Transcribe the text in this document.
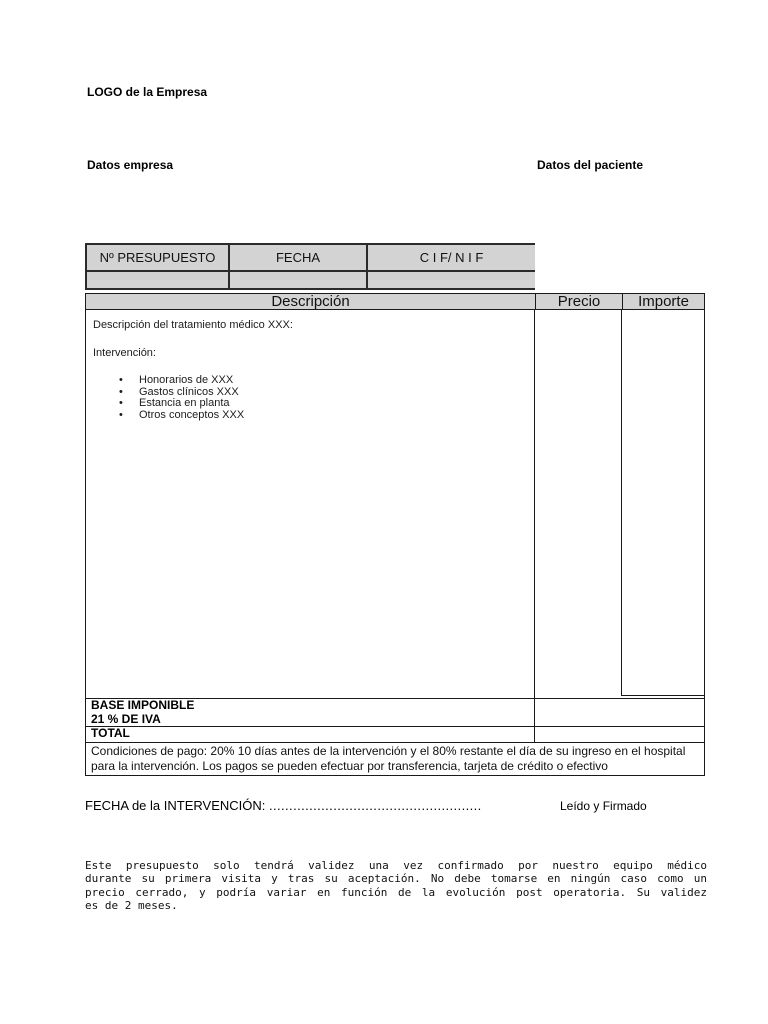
LOGO de la Empresa
Datos empresa	Datos del paciente
Nº PRESUPUESTO	FECHA	C I F/ N I F
Descripción	Precio	Importe

Descripción del tratamiento médico XXX:

Intervención:

• Honorarios de XXX
• Gastos clínicos XXX
• Estancia en planta
• Otros conceptos XXX
BASE IMPONIBLE
21 % DE IVA
TOTAL
Condiciones de pago: 20% 10 días antes de la intervención y el 80% restante el día de su ingreso en el hospital para la intervención. Los pagos se pueden efectuar por transferencia, tarjeta de crédito o efectivo
FECHA de la INTERVENCIÓN: .....................................................	Leído y Firmado
Este presupuesto solo tendrá validez una vez confirmado por nuestro equipo médico
durante su primera visita y tras su aceptación. No debe tomarse en ningún caso como un
precio cerrado, y podría variar en función de la evolución post operatoria. Su validez
es de 2 meses.
